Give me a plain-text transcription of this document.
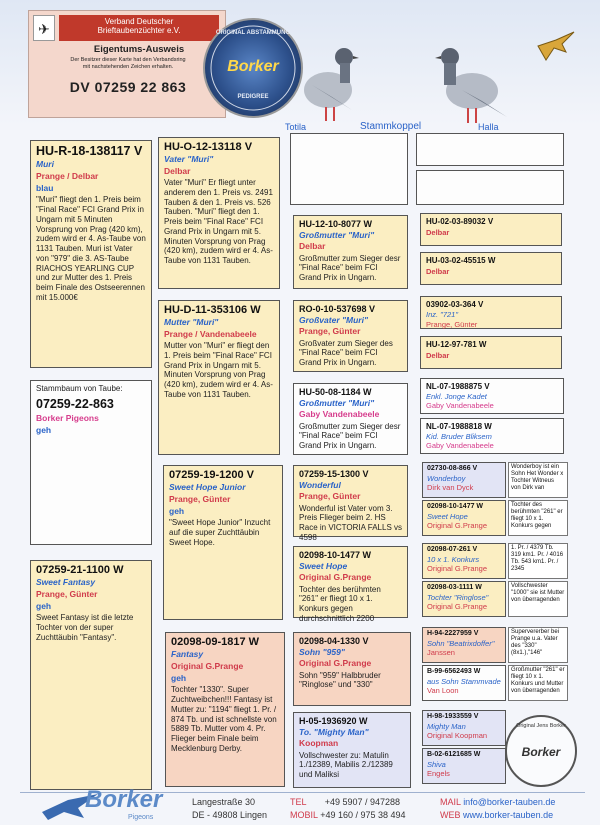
✈	Verband Deutscher
Brieftaubenzüchter e.V.
Eigentums-Ausweis
Der Besitzer dieser Karte hat den Verbandsring
mit nachstehenden Zeichen erhalten.
DV 07259 22 863
ORIGINAL ABSTAMMUNG
Borker
PEDIGREE
Totila	Stammkoppel	Halla
HU-R-18-138117 V
Muri
Prange / Delbar
blau
"Muri" fliegt den 1. Preis beim "Final Race" FCI Grand Prix in Ungarn mit 5 Minuten Vorsprung von Prag (420 km), zudem wird er 4. As-Taube von 1131 Tauben. Muri ist Vater von "979" die 3. AS-Taube RIACHOS YEARLING CUP und zur Mutter des 1. Preis beim Finale des Ostseerennen mit 15.000€
Stammbaum von Taube:
07259-22-863
Borker Pigeons
geh
07259-21-1100 W
Sweet Fantasy
Prange, Günter
geh
Sweet Fantasy ist die letzte Tochter von der super Zuchttäubin "Fantasy".
HU-O-12-13118 V
Vater "Muri"
Delbar
Vater "Muri" Er fliegt unter anderem den 1. Preis vs. 2491 Tauben & den 1. Preis vs. 526 Tauben. "Muri" fliegt den 1. Preis beim "Final Race" FCI Grand Prix in Ungarn mit 5. Minuten Vorsprung von Prag (420 km), zudem wird er 4. As-Taube von 1131 Tauben.
HU-D-11-353106 W
Mutter "Muri"
Prange / Vandenabeele
Mutter von "Muri" er fliegt den 1. Preis beim "Final Race" FCI Grand Prix in Ungarn mit 5. Minuten Vorsprung von Prag (420 km), zudem wird er 4. As-Taube von 1131 Tauben.
07259-19-1200 V
Sweet Hope Junior
Prange, Günter
geh
"Sweet Hope Junior" Inzucht auf die super Zuchttäubin Sweet Hope.
02098-09-1817 W
Fantasy
Original G.Prange
geh
Tochter "1330". Super Zuchtweibchen!!! Fantasy ist Mutter zu: "1194" fliegt 1. Pr. / 874 Tb. und ist schnellste von 5889 Tb. Mutter vom 4. Pr. Flieger beim Finale beim Mecklenburg Derby.
HU-12-10-8077 W
Großmutter "Muri"
Delbar
Großmutter zum Sieger desr "Final Race" beim FCI Grand Prix in Ungarn.
RO-0-10-537698 V
Großvater "Muri"
Prange, Günter
Großvater zum Sieger des "Final Race" beim FCI Grand Prix in Ungarn.
HU-50-08-1184 W
Großmutter "Muri"
Gaby Vandenabeele
Großmutter zum Sieger desr "Final Race" beim FCI Grand Prix in Ungarn.
07259-15-1300 V
Wonderful
Prange, Günter
Wonderful ist Vater vom 3. Preis Flieger beim 2. HS Race in VICTORIA FALLS vs 4598
02098-10-1477 W
Sweet Hope
Original G.Prange
Tochter des berühmten "261" er fliegt 10 x 1. Konkurs gegen durchschnittlich 2200
02098-04-1330 V
Sohn "959"
Original G.Prange
Sohn "959" Halbbruder "Ringlose" und "330"
H-05-1936920 W
To. "Mighty Man"
Koopman
Vollschwester zu: Matulin 1./12389, Mabilis 2./12389 und Maliksi
HU-02-03-89032 V
Delbar
HU-03-02-45515 W
Delbar
03902-03-364 V
Inz. "721"
Prange, Günter
HU-12-97-781 W
Delbar
NL-07-1988875 V
Enkl. Jonge Kadet
Gaby Vandenabeele
NL-07-1988818 W
Kid. Bruder Bliksem
Gaby Vandenabeele
02730-08-866 V
Wonderboy
Dirk van Dyck
Wonderboy ist ein Sohn Het Wonder x Tochter Witneus von Dirk van
02098-10-1477 W
Sweet Hope
Original G.Prange
Tochter des berühmten "261" er fliegt 10 x 1. Konkurs gegen
02098-07-261 V
10 x 1. Konkurs
Original G.Prange
1. Pr. / 4379 Tb. 319 km1. Pr. / 4016 Tb. 543 km1. Pr. / 2345
02098-03-1111 W
Tochter "Ringlose"
Original G.Prange
Vollschwester "1000" sie ist Mutter von überragenden
H-94-2227959 V
Sohn "Beatrixdoffer"
Janssen
Supervererber bei Prange u.a. Vater des "330" (8x1.),"146"
B-99-6562493 W
aus Sohn Stammvade
Van Loon
Großmutter "261" er fliegt 10 x 1. Konkurs und Mutter von überragenden
H-98-1933559 V
Mighty Man
Original Koopman
B-02-6121685 W
Shiva
Engels
Original Jens Borker
Borker
Borker
Pigeons
Langestraße 30
DE - 49808 Lingen
TEL +49 5907 / 947288
MOBIL +49 160 / 975 38 494
MAIL info@borker-tauben.de
WEB www.borker-tauben.de
